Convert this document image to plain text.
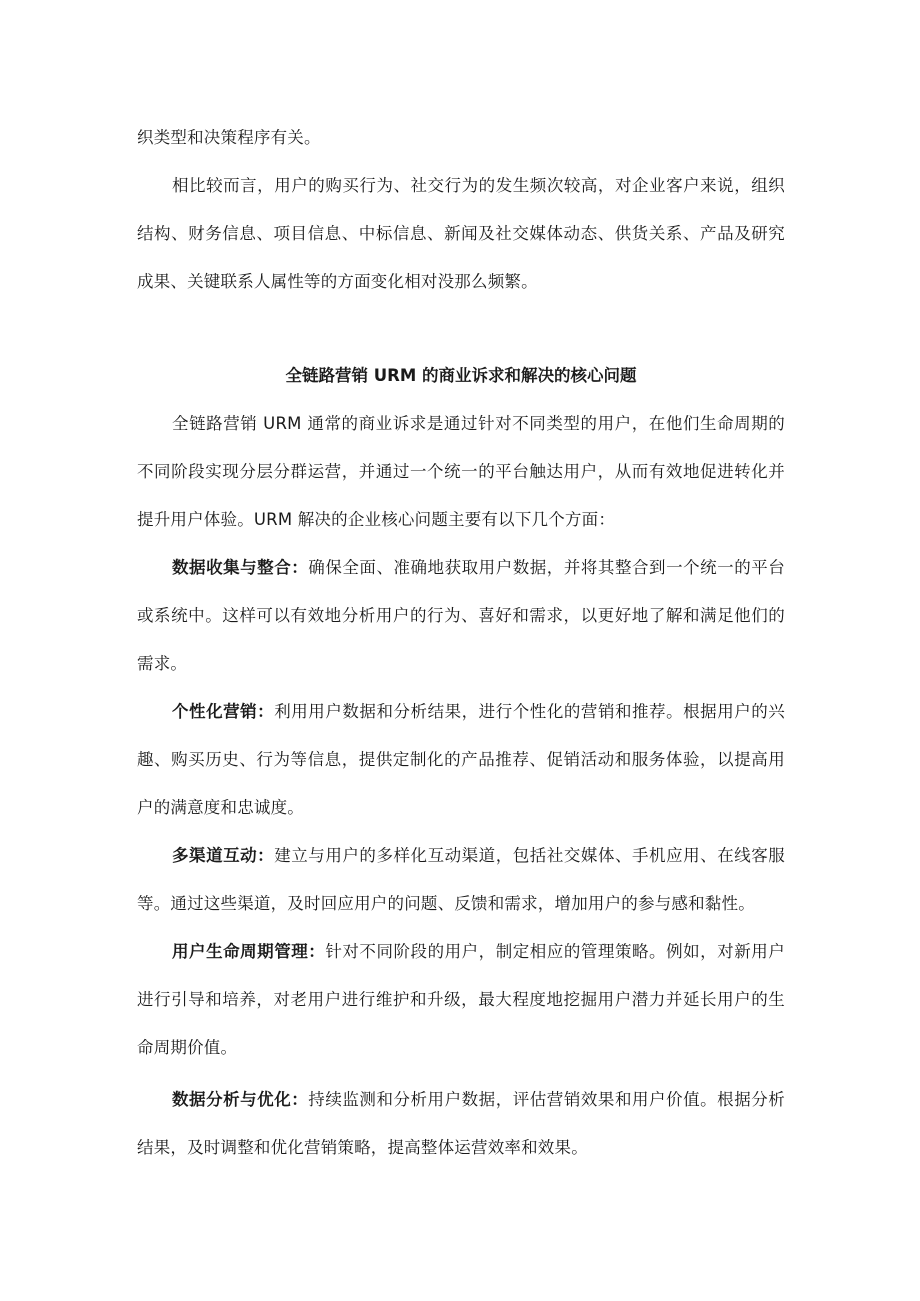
织类型和决策程序有关。

相比较而言，用户的购买行为、社交行为的发生频次较高，对企业客户来说，组织结构、财务信息、项目信息、中标信息、新闻及社交媒体动态、供货关系、产品及研究成果、关键联系人属性等的方面变化相对没那么频繁。

全链路营销 URM 的商业诉求和解决的核心问题

全链路营销 URM 通常的商业诉求是通过针对不同类型的用户，在他们生命周期的不同阶段实现分层分群运营，并通过一个统一的平台触达用户，从而有效地促进转化并提升用户体验。URM 解决的企业核心问题主要有以下几个方面：

数据收集与整合：确保全面、准确地获取用户数据，并将其整合到一个统一的平台或系统中。这样可以有效地分析用户的行为、喜好和需求，以更好地了解和满足他们的需求。

个性化营销：利用用户数据和分析结果，进行个性化的营销和推荐。根据用户的兴趣、购买历史、行为等信息，提供定制化的产品推荐、促销活动和服务体验，以提高用户的满意度和忠诚度。

多渠道互动：建立与用户的多样化互动渠道，包括社交媒体、手机应用、在线客服等。通过这些渠道，及时回应用户的问题、反馈和需求，增加用户的参与感和黏性。

用户生命周期管理：针对不同阶段的用户，制定相应的管理策略。例如，对新用户进行引导和培养，对老用户进行维护和升级，最大程度地挖掘用户潜力并延长用户的生命周期价值。

数据分析与优化：持续监测和分析用户数据，评估营销效果和用户价值。根据分析结果，及时调整和优化营销策略，提高整体运营效率和效果。
